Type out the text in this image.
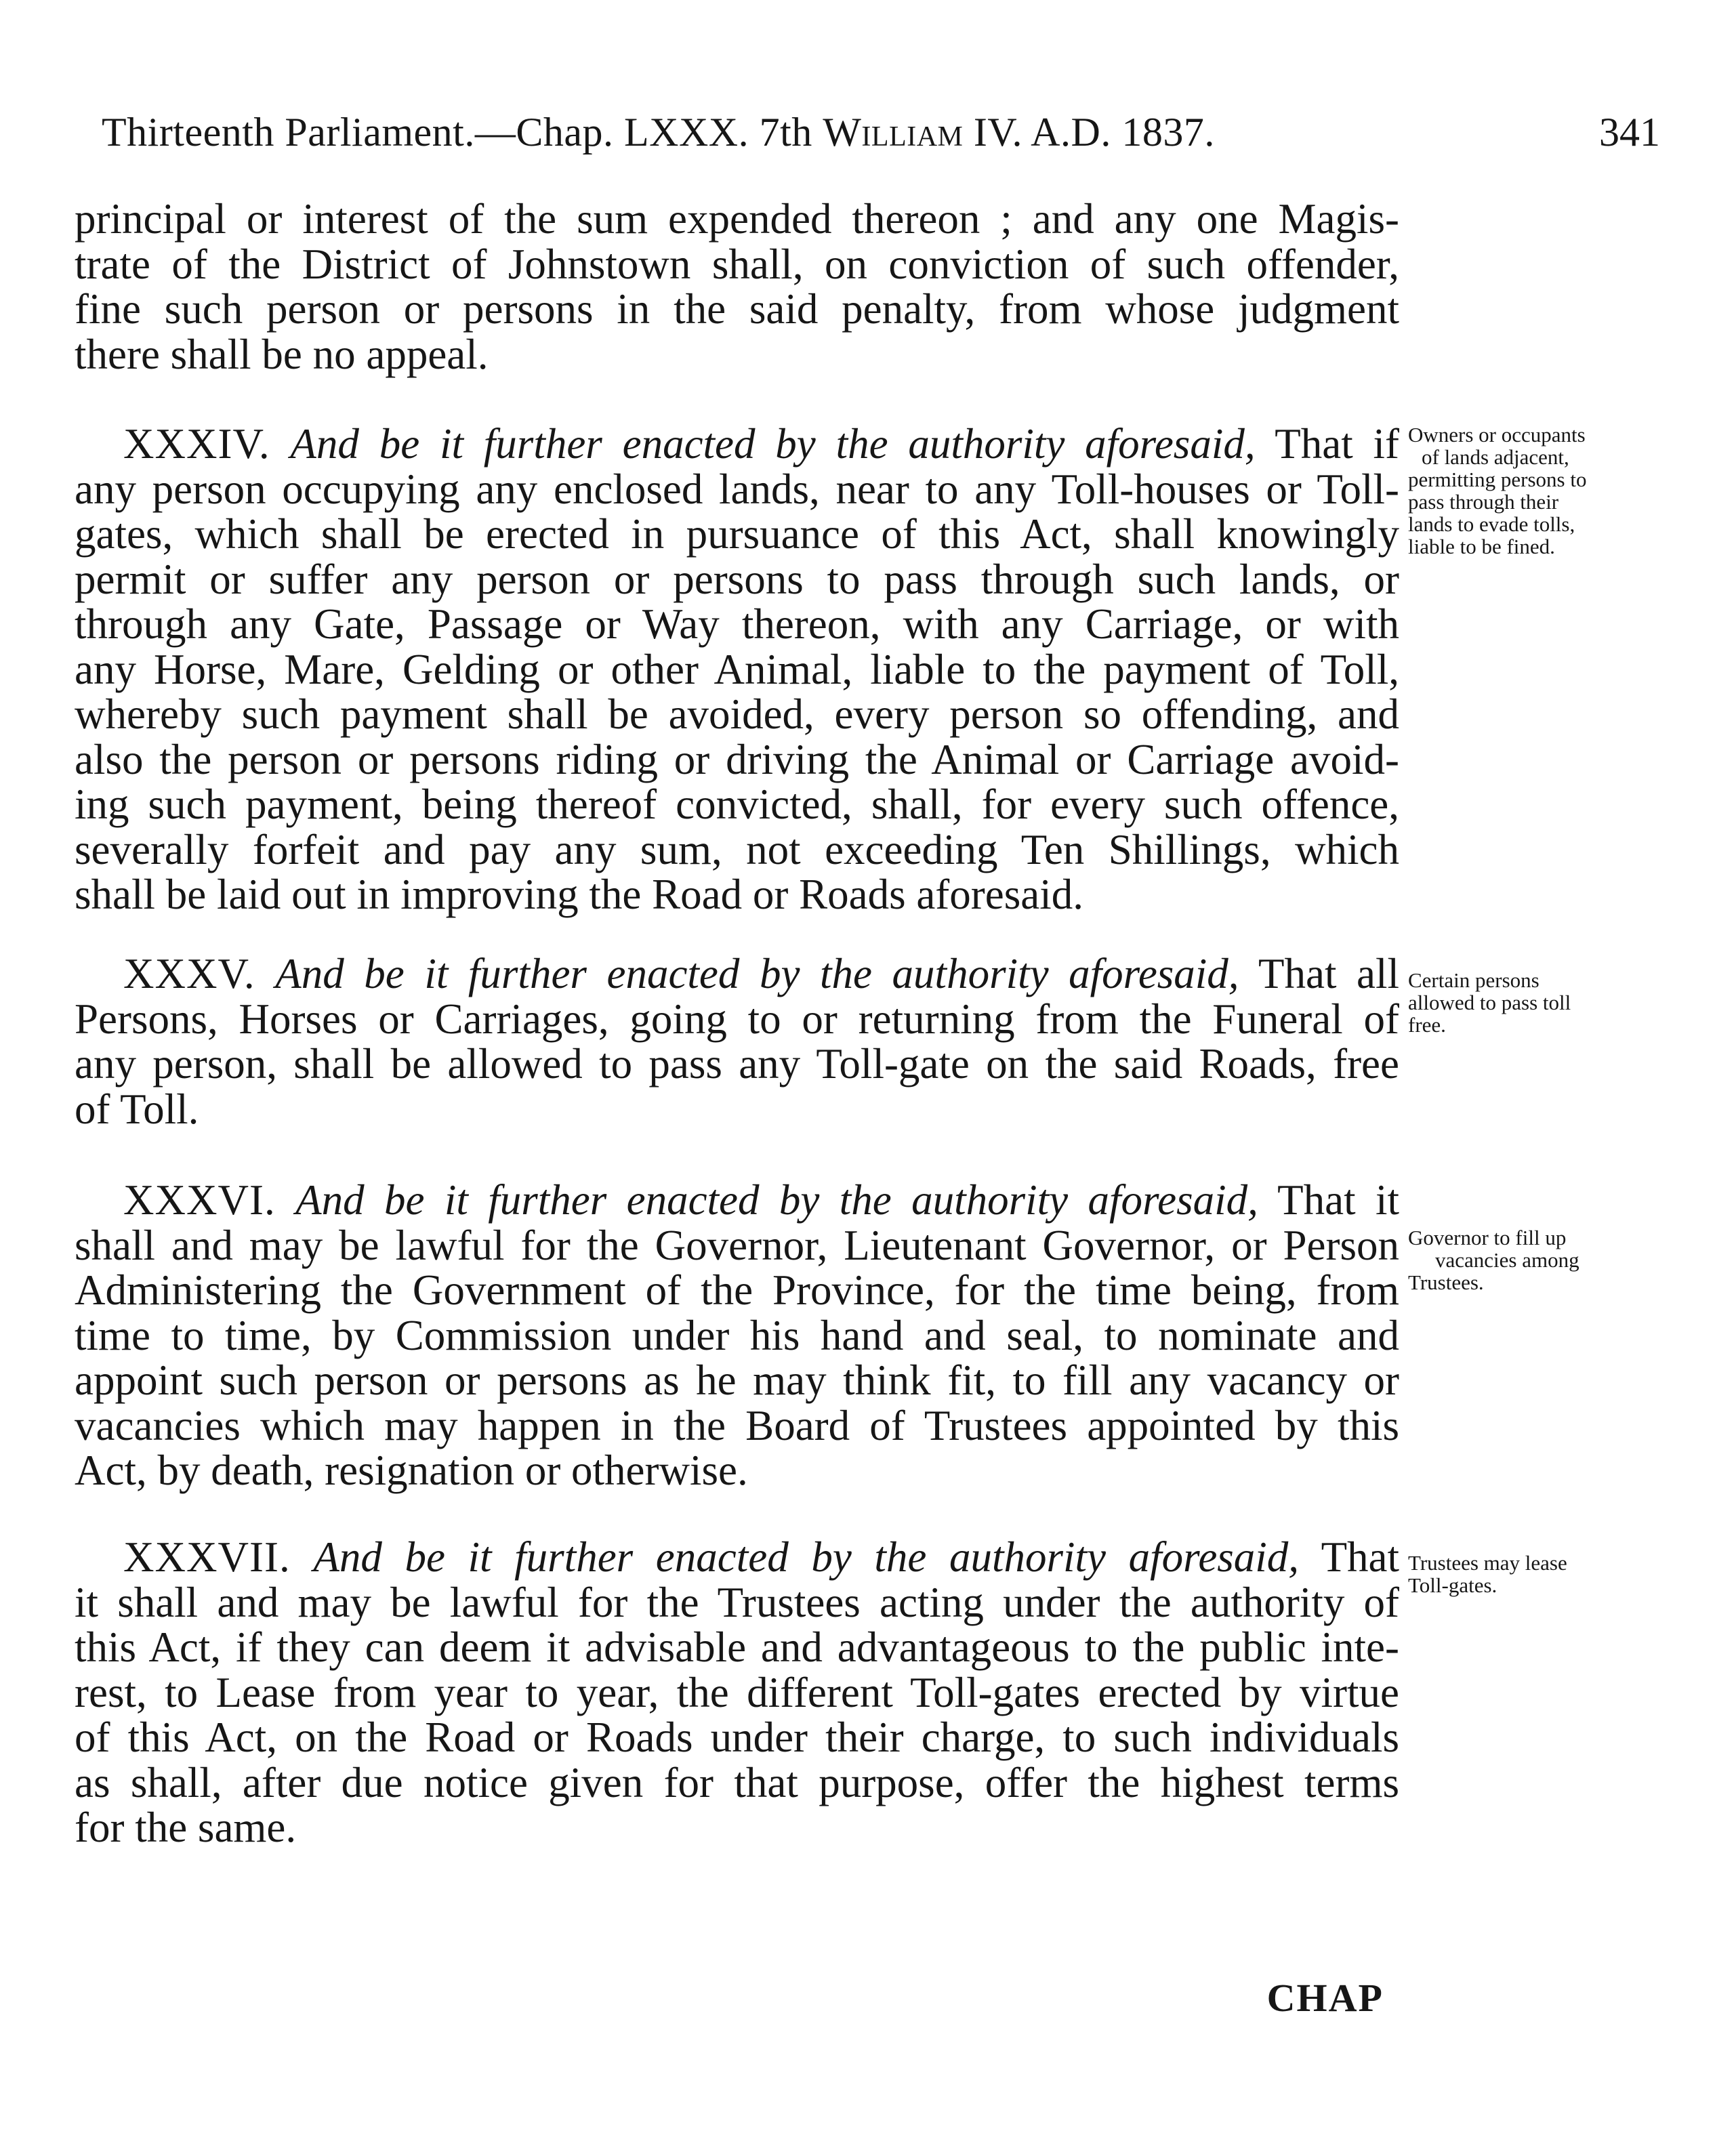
Thirteenth Parliament.—Chap. LXXX. 7th William IV. A.D. 1837.	341
principal or interest of the sum expended thereon ; and any one Magis-
trate of the District of Johnstown shall, on conviction of such offender,
fine such person or persons in the said penalty, from whose judgment
there shall be no appeal.
XXXIV. And be it further enacted by the authority aforesaid, That if
any person occupying any enclosed lands, near to any Toll-houses or Toll-
gates, which shall be erected in pursuance of this Act, shall knowingly
permit or suffer any person or persons to pass through such lands, or
through any Gate, Passage or Way thereon, with any Carriage, or with
any Horse, Mare, Gelding or other Animal, liable to the payment of Toll,
whereby such payment shall be avoided, every person so offending, and
also the person or persons riding or driving the Animal or Carriage avoid-
ing such payment, being thereof convicted, shall, for every such offence,
severally forfeit and pay any sum, not exceeding Ten Shillings, which
shall be laid out in improving the Road or Roads aforesaid.
Owners or occupants
of lands adjacent,
permitting persons to
pass through their
lands to evade tolls,
liable to be fined.
XXXV. And be it further enacted by the authority aforesaid, That all
Persons, Horses or Carriages, going to or returning from the Funeral of
any person, shall be allowed to pass any Toll-gate on the said Roads, free
of Toll.
Certain persons
allowed to pass toll
free.
XXXVI. And be it further enacted by the authority aforesaid, That it
shall and may be lawful for the Governor, Lieutenant Governor, or Person
Administering the Government of the Province, for the time being, from
time to time, by Commission under his hand and seal, to nominate and
appoint such person or persons as he may think fit, to fill any vacancy or
vacancies which may happen in the Board of Trustees appointed by this
Act, by death, resignation or otherwise.
Governor to fill up
vacancies among
Trustees.
XXXVII. And be it further enacted by the authority aforesaid, That
it shall and may be lawful for the Trustees acting under the authority of
this Act, if they can deem it advisable and advantageous to the public inte-
rest, to Lease from year to year, the different Toll-gates erected by virtue
of this Act, on the Road or Roads under their charge, to such individuals
as shall, after due notice given for that purpose, offer the highest terms
for the same.
Trustees may lease
Toll-gates.
CHAP
